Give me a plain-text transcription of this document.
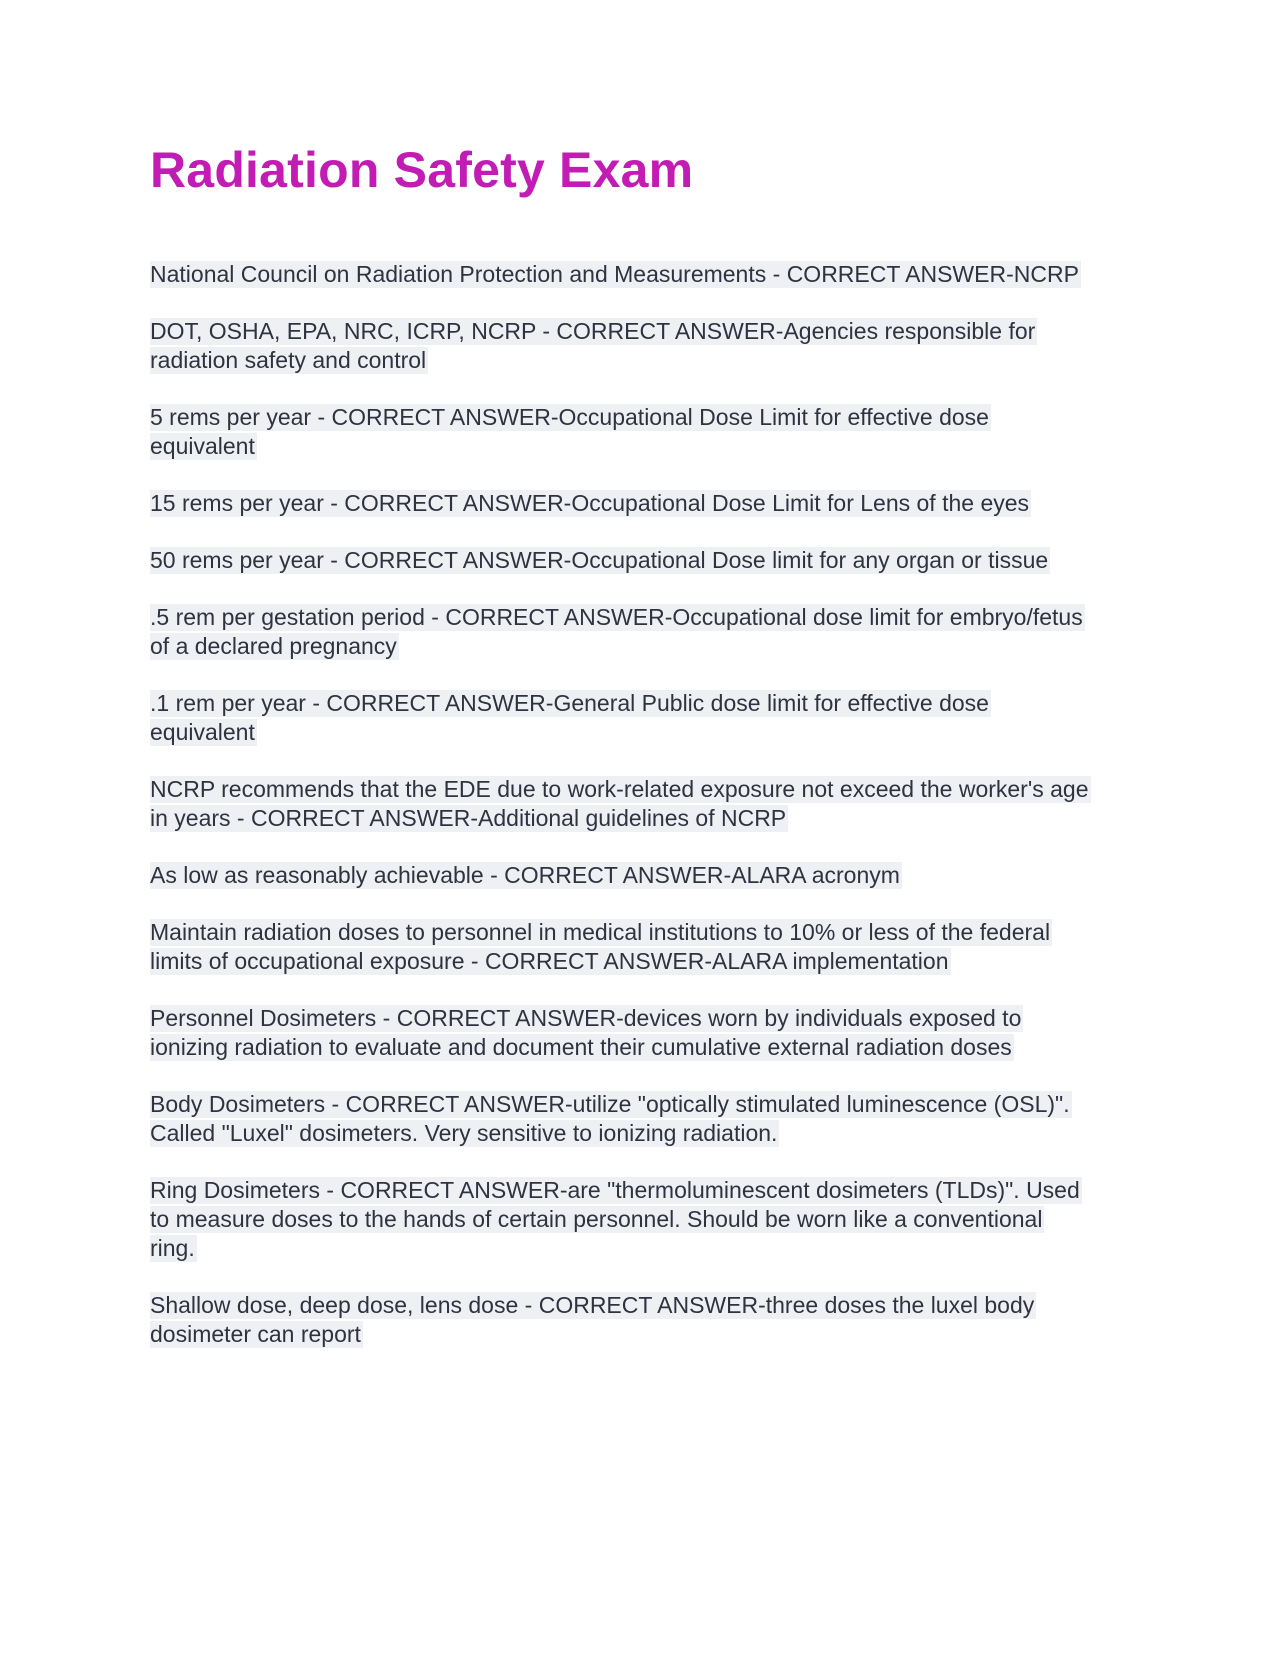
Radiation Safety Exam

National Council on Radiation Protection and Measurements - CORRECT ANSWER-NCRP

DOT, OSHA, EPA, NRC, ICRP, NCRP - CORRECT ANSWER-Agencies responsible for radiation safety and control

5 rems per year - CORRECT ANSWER-Occupational Dose Limit for effective dose equivalent

15 rems per year - CORRECT ANSWER-Occupational Dose Limit for Lens of the eyes

50 rems per year - CORRECT ANSWER-Occupational Dose limit for any organ or tissue

.5 rem per gestation period - CORRECT ANSWER-Occupational dose limit for embryo/fetus of a declared pregnancy

.1 rem per year - CORRECT ANSWER-General Public dose limit for effective dose equivalent

NCRP recommends that the EDE due to work-related exposure not exceed the worker's age in years - CORRECT ANSWER-Additional guidelines of NCRP

As low as reasonably achievable - CORRECT ANSWER-ALARA acronym

Maintain radiation doses to personnel in medical institutions to 10% or less of the federal limits of occupational exposure - CORRECT ANSWER-ALARA implementation

Personnel Dosimeters - CORRECT ANSWER-devices worn by individuals exposed to ionizing radiation to evaluate and document their cumulative external radiation doses

Body Dosimeters - CORRECT ANSWER-utilize "optically stimulated luminescence (OSL)". Called "Luxel" dosimeters. Very sensitive to ionizing radiation.

Ring Dosimeters - CORRECT ANSWER-are "thermoluminescent dosimeters (TLDs)". Used to measure doses to the hands of certain personnel. Should be worn like a conventional ring.

Shallow dose, deep dose, lens dose - CORRECT ANSWER-three doses the luxel body dosimeter can report
